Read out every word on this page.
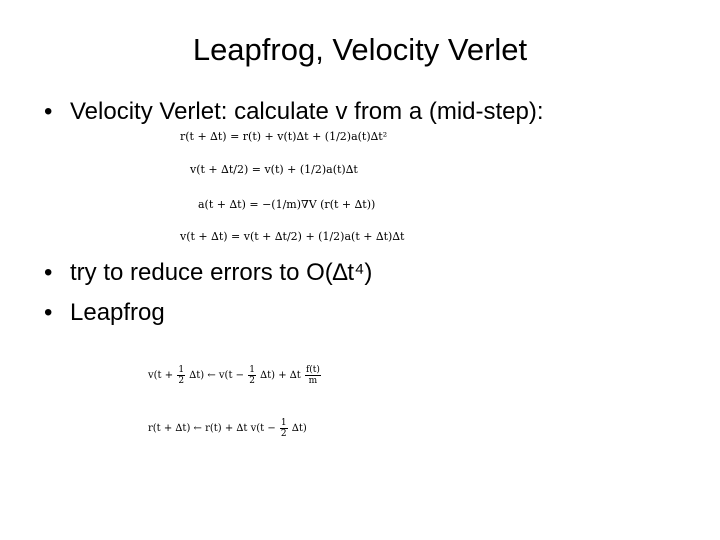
Leapfrog, Velocity Verlet
• Velocity Verlet: calculate v from a (mid-step):
r(t + ∆t) = r(t) + v(t)∆t + (1/2)a(t)∆t²
v(t + ∆t/2) = v(t) + (1/2)a(t)∆t
a(t + ∆t) = −(1/m)∇V (r(t + ∆t))
v(t + ∆t) = v(t + ∆t/2) + (1/2)a(t + ∆t)∆t
• try to reduce errors to O(∆t⁴)
• Leapfrog
$v(t + \frac{1}{2} \Delta t)$ ← $v(t - \frac{1}{2} \Delta t) + \Delta t \frac{f(t)}{m}$
r(t + ∆t) ← r(t) + ∆t $v(t - \frac{1}{2} \Delta t)$
